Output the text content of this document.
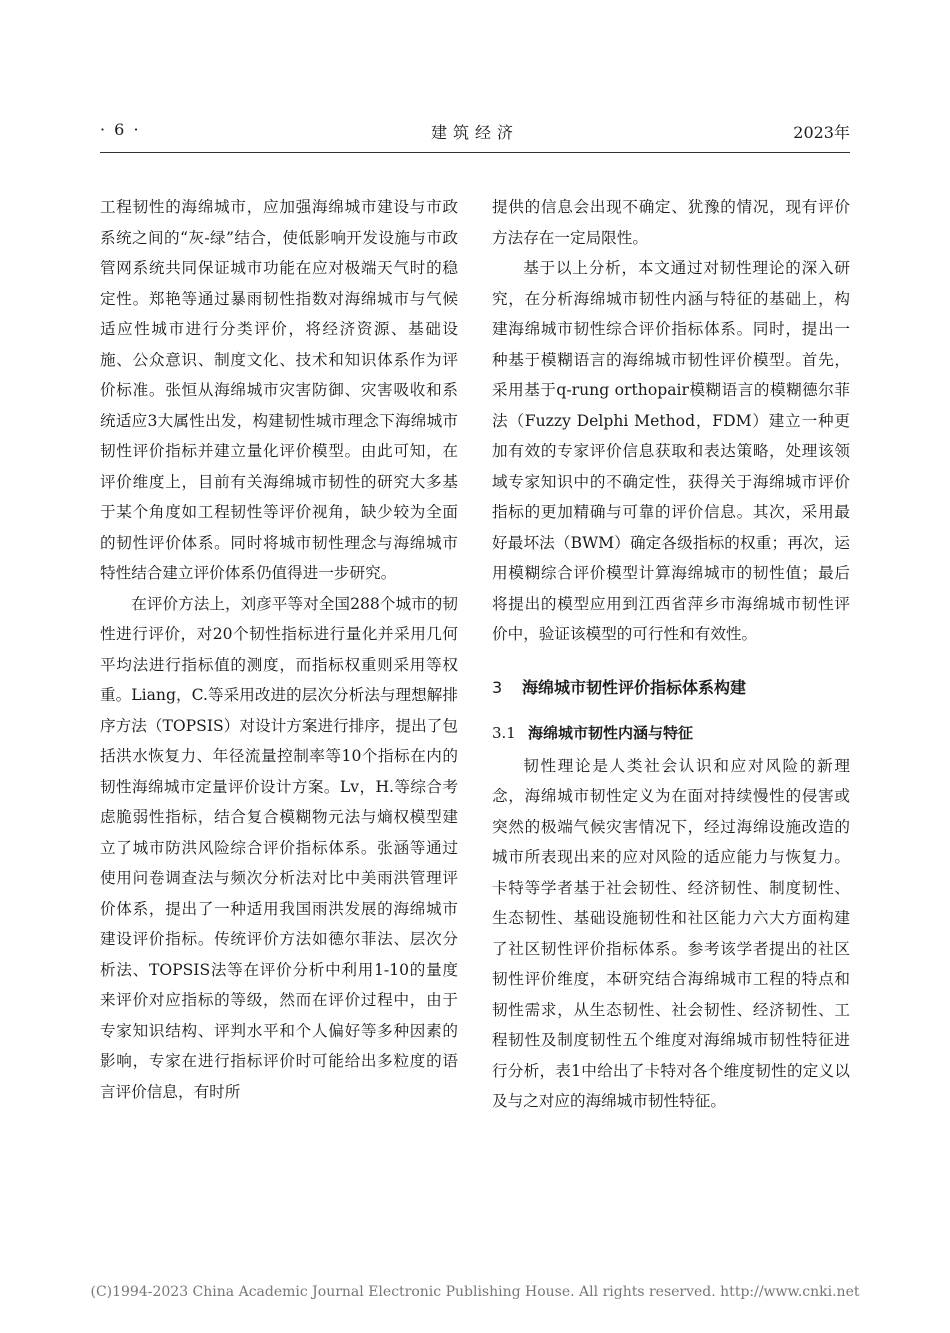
建筑经济
· 6 ·	2023年

工程韧性的海绵城市，应加强海绵城市建设与市政系统之间的“灰-绿”结合，使低影响开发设施与市政管网系统共同保证城市功能在应对极端天气时的稳定性。郑艳等通过暴雨韧性指数对海绵城市与气候适应性城市进行分类评价，将经济资源、基础设施、公众意识、制度文化、技术和知识体系作为评价标准。张恒从海绵城市灾害防御、灾害吸收和系统适应3大属性出发，构建韧性城市理念下海绵城市韧性评价指标并建立量化评价模型。由此可知，在评价维度上，目前有关海绵城市韧性的研究大多基于某个角度如工程韧性等评价视角，缺少较为全面的韧性评价体系。同时将城市韧性理念与海绵城市特性结合建立评价体系仍值得进一步研究。

在评价方法上，刘彦平等对全国288个城市的韧性进行评价，对20个韧性指标进行量化并采用几何平均法进行指标值的测度，而指标权重则采用等权重。Liang，C.等采用改进的层次分析法与理想解排序方法（TOPSIS）对设计方案进行排序，提出了包括洪水恢复力、年径流量控制率等10个指标在内的韧性海绵城市定量评价设计方案。Lv，H.等综合考虑脆弱性指标，结合复合模糊物元法与熵权模型建立了城市防洪风险综合评价指标体系。张涵等通过使用问卷调查法与频次分析法对比中美雨洪管理评价体系，提出了一种适用我国雨洪发展的海绵城市建设评价指标。传统评价方法如德尔菲法、层次分析法、TOPSIS法等在评价分析中利用1-10的量度来评价对应指标的等级，然而在评价过程中，由于专家知识结构、评判水平和个人偏好等多种因素的影响，专家在进行指标评价时可能给出多粒度的语言评价信息，有时所

提供的信息会出现不确定、犹豫的情况，现有评价方法存在一定局限性。

基于以上分析，本文通过对韧性理论的深入研究，在分析海绵城市韧性内涵与特征的基础上，构建海绵城市韧性综合评价指标体系。同时，提出一种基于模糊语言的海绵城市韧性评价模型。首先，采用基于q-rung orthopair模糊语言的模糊德尔菲法（Fuzzy Delphi Method，FDM）建立一种更加有效的专家评价信息获取和表达策略，处理该领域专家知识中的不确定性，获得关于海绵城市评价指标的更加精确与可靠的评价信息。其次，采用最好最坏法（BWM）确定各级指标的权重；再次，运用模糊综合评价模型计算海绵城市的韧性值；最后将提出的模型应用到江西省萍乡市海绵城市韧性评价中，验证该模型的可行性和有效性。

3 海绵城市韧性评价指标体系构建
3.1 海绵城市韧性内涵与特征

韧性理论是人类社会认识和应对风险的新理念，海绵城市韧性定义为在面对持续慢性的侵害或突然的极端气候灾害情况下，经过海绵设施改造的城市所表现出来的应对风险的适应能力与恢复力。卡特等学者基于社会韧性、经济韧性、制度韧性、生态韧性、基础设施韧性和社区能力六大方面构建了社区韧性评价指标体系。参考该学者提出的社区韧性评价维度，本研究结合海绵城市工程的特点和韧性需求，从生态韧性、社会韧性、经济韧性、工程韧性及制度韧性五个维度对海绵城市韧性特征进行分析，表1中给出了卡特对各个维度韧性的定义以及与之对应的海绵城市韧性特征。

(C)1994-2023 China Academic Journal Electronic Publishing House. All rights reserved. http://www.cnki.net
